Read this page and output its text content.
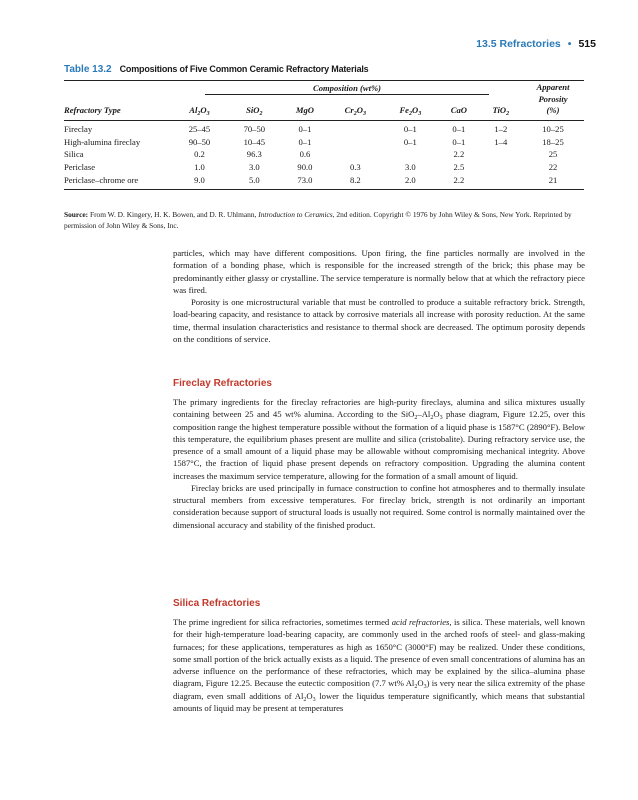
13.5 Refractories • 515
Table 13.2 Compositions of Five Common Ceramic Refractory Materials
	Composition (wt%)							Apparent
								Porosity
Refractory Type	$Al_2O_3$	SiO$_2$	MgO	$Cr_2O_3$	$Fe_2O_3$	CaO	TiO$_2$	(%)

Fireclay	25–45	70–50	0–1		0–1	0–1	1–2	10–25
High-alumina fireclay	90–50	10–45	0–1		0–1	0–1	1–4	18–25
Silica	0.2	96.3	0.6			2.2		25
Periclase	1.0	3.0	90.0	0.3	3.0	2.5		22
Periclase–chrome ore	9.0	5.0	73.0	8.2	2.0	2.2		21
Source: From W. D. Kingery, H. K. Bowen, and D. R. Uhlmann, Introduction to Ceramics, 2nd edition. Copyright © 1976 by John Wiley & Sons, New York. Reprinted by permission of John Wiley & Sons, Inc.

particles, which may have different compositions. Upon firing, the fine particles normally are involved in the formation of a bonding phase, which is responsible for the increased strength of the brick; this phase may be predominantly either glassy or crystalline. The service temperature is normally below that at which the refractory piece was fired.

Porosity is one microstructural variable that must be controlled to produce a suitable refractory brick. Strength, load-bearing capacity, and resistance to attack by corrosive materials all increase with porosity reduction. At the same time, thermal insulation characteristics and resistance to thermal shock are decreased. The optimum porosity depends on the conditions of service.

Fireclay Refractories

The primary ingredients for the fireclay refractories are high-purity fireclays, alumina and silica mixtures usually containing between 25 and 45 wt% alumina. According to the $SiO_2-Al_2O_3$ phase diagram, Figure 12.25, over this composition range the highest temperature possible without the formation of a liquid phase is 1587°C (2890°F). Below this temperature, the equilibrium phases present are mullite and silica (cristobalite). During refractory service use, the presence of a small amount of a liquid phase may be allowable without compromising mechanical integrity. Above 1587°C, the fraction of liquid phase present depends on refractory composition. Upgrading the alumina content increases the maximum service temperature, allowing for the formation of a small amount of liquid.

Fireclay bricks are used principally in furnace construction to confine hot atmospheres and to thermally insulate structural members from excessive temperatures. For fireclay brick, strength is not ordinarily an important consideration because support of structural loads is usually not required. Some control is normally maintained over the dimensional accuracy and stability of the finished product.

Silica Refractories

The prime ingredient for silica refractories, sometimes termed acid refractories, is silica. These materials, well known for their high-temperature load-bearing capacity, are commonly used in the arched roofs of steel- and glass-making furnaces; for these applications, temperatures as high as 1650°C (3000°F) may be realized. Under these conditions, some small portion of the brick actually exists as a liquid. The presence of even small concentrations of alumina has an adverse influence on the performance of these refractories, which may be explained by the silica–alumina phase diagram, Figure 12.25. Because the eutectic composition (7.7 wt% $Al_2O_3$) is very near the silica extremity of the phase diagram, even small additions of $Al_2O_3$ lower the liquidus temperature significantly, which means that substantial amounts of liquid may be present at temperatures
